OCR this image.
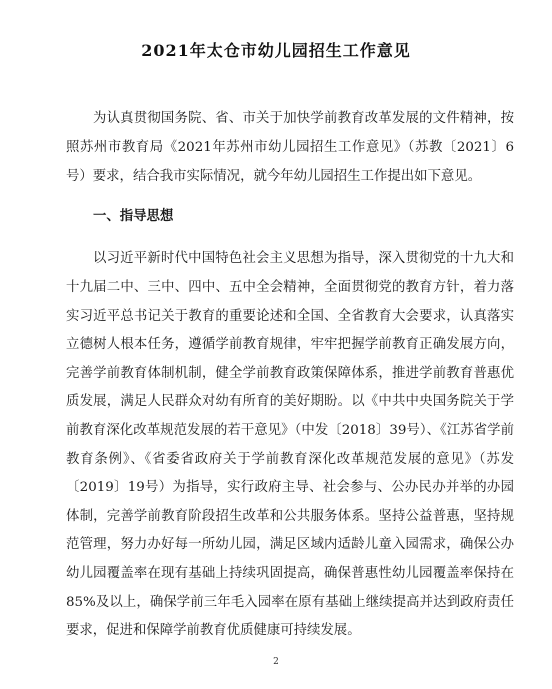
2021年太仓市幼儿园招生工作意见

为认真贯彻国务院、省、市关于加快学前教育改革发展的文件精神，按照苏州市教育局《2021年苏州市幼儿园招生工作意见》（苏教〔2021〕6号）要求，结合我市实际情况，就今年幼儿园招生工作提出如下意见。

一、指导思想

以习近平新时代中国特色社会主义思想为指导，深入贯彻党的十九大和十九届二中、三中、四中、五中全会精神，全面贯彻党的教育方针，着力落实习近平总书记关于教育的重要论述和全国、全省教育大会要求，认真落实立德树人根本任务，遵循学前教育规律，牢牢把握学前教育正确发展方向，完善学前教育体制机制，健全学前教育政策保障体系，推进学前教育普惠优质发展，满足人民群众对幼有所育的美好期盼。以《中共中央国务院关于学前教育深化改革规范发展的若干意见》（中发〔2018〕39号）、《江苏省学前教育条例》、《省委省政府关于学前教育深化改革规范发展的意见》（苏发〔2019〕19号）为指导，实行政府主导、社会参与、公办民办并举的办园体制，完善学前教育阶段招生改革和公共服务体系。坚持公益普惠，坚持规范管理，努力办好每一所幼儿园，满足区域内适龄儿童入园需求，确保公办幼儿园覆盖率在现有基础上持续巩固提高，确保普惠性幼儿园覆盖率保持在85%及以上，确保学前三年毛入园率在原有基础上继续提高并达到政府责任要求，促进和保障学前教育优质健康可持续发展。

2
